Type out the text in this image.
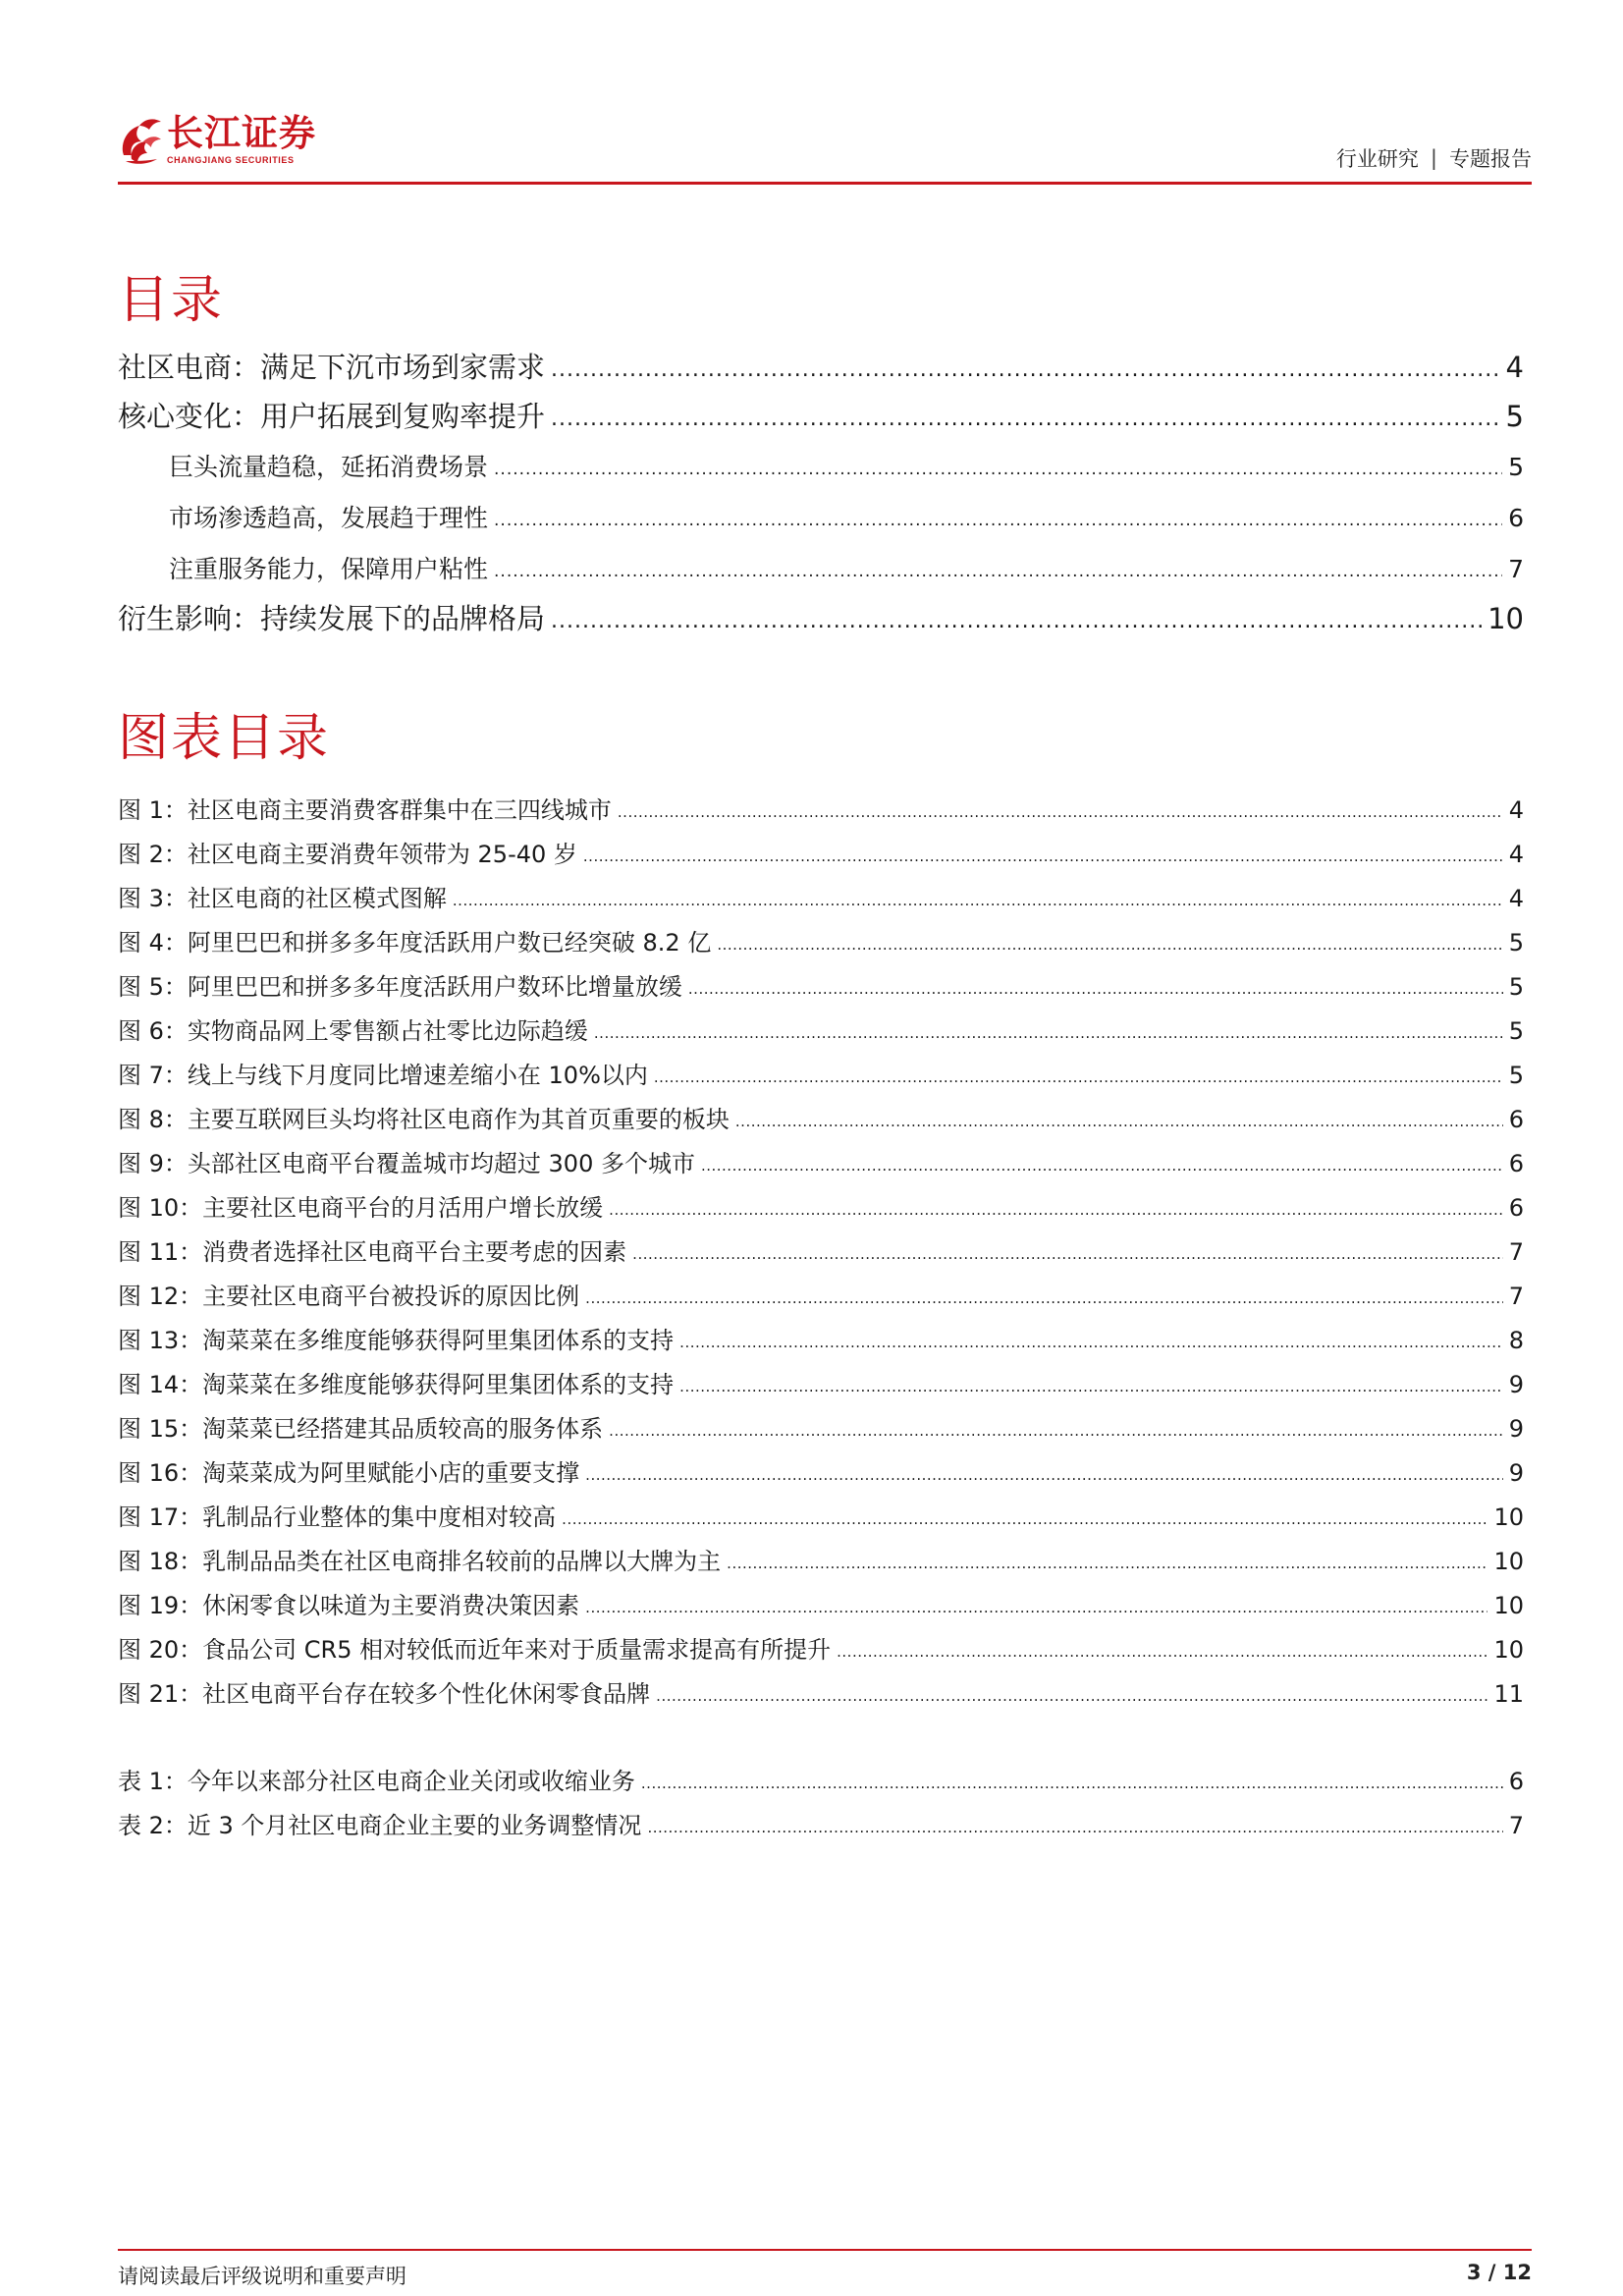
长江证券
CHANGJIANG SECURITIES	行业研究 | 专题报告
目录
社区电商：满足下沉市场到家需求 .....	4
核心变化：用户拓展到复购率提升 .....	5
巨头流量趋稳，延拓消费场景 .....	5
市场渗透趋高，发展趋于理性 .....	6
注重服务能力，保障用户粘性 .....	7
衍生影响：持续发展下的品牌格局 .....	10
图表目录
图 1：社区电商主要消费客群集中在三四线城市 .....	4
图 2：社区电商主要消费年领带为 25-40 岁 .....	4
图 3：社区电商的社区模式图解 .....	4
图 4：阿里巴巴和拼多多年度活跃用户数已经突破 8.2 亿 .....	5
图 5：阿里巴巴和拼多多年度活跃用户数环比增量放缓 .....	5
图 6：实物商品网上零售额占社零比边际趋缓 .....	5
图 7：线上与线下月度同比增速差缩小在 10%以内 .....	5
图 8：主要互联网巨头均将社区电商作为其首页重要的板块 .....	6
图 9：头部社区电商平台覆盖城市均超过 300 多个城市 .....	6
图 10：主要社区电商平台的月活用户增长放缓 .....	6
图 11：消费者选择社区电商平台主要考虑的因素 .....	7
图 12：主要社区电商平台被投诉的原因比例 .....	7
图 13：淘菜菜在多维度能够获得阿里集团体系的支持 .....	8
图 14：淘菜菜在多维度能够获得阿里集团体系的支持 .....	9
图 15：淘菜菜已经搭建其品质较高的服务体系 .....	9
图 16：淘菜菜成为阿里赋能小店的重要支撑 .....	9
图 17：乳制品行业整体的集中度相对较高 .....	10
图 18：乳制品品类在社区电商排名较前的品牌以大牌为主 .....	10
图 19：休闲零食以味道为主要消费决策因素 .....	10
图 20：食品公司 CR5 相对较低而近年来对于质量需求提高有所提升 .....	10
图 21：社区电商平台存在较多个性化休闲零食品牌 .....	11
表 1：今年以来部分社区电商企业关闭或收缩业务 .....	6
表 2：近 3 个月社区电商企业主要的业务调整情况 .....	7
请阅读最后评级说明和重要声明	3 / 12
